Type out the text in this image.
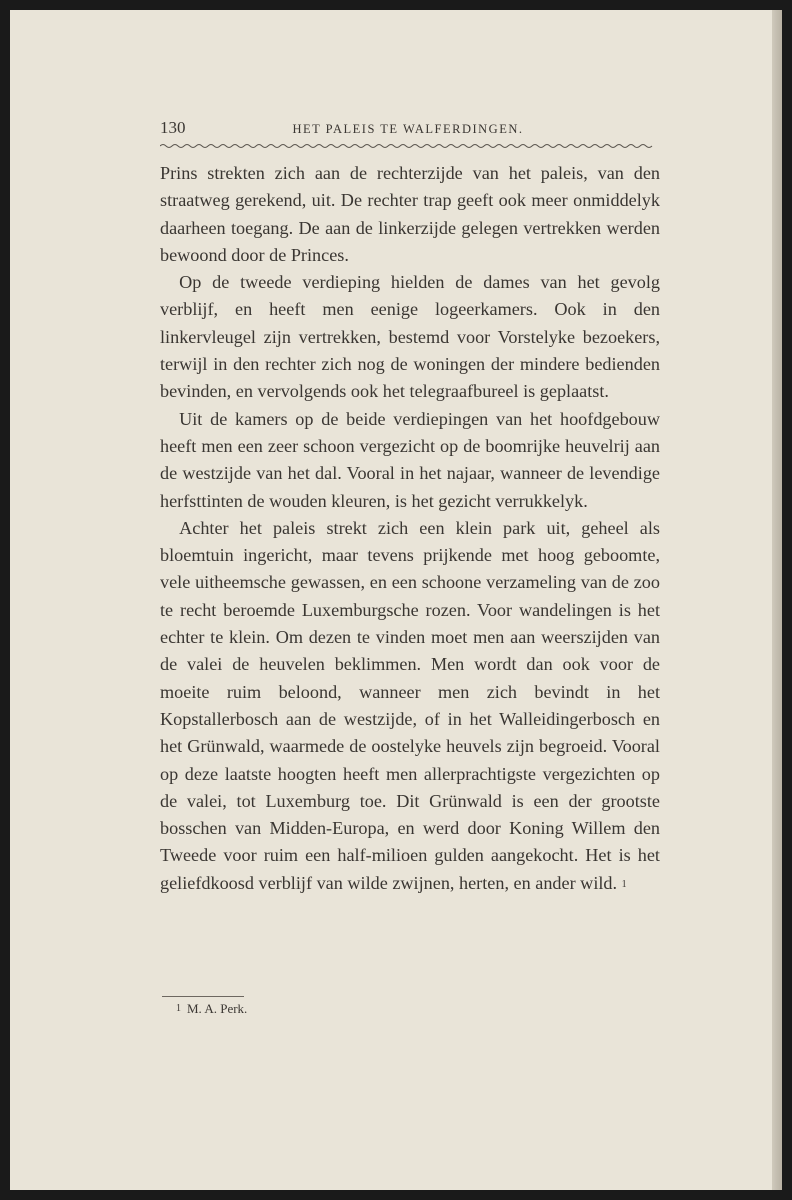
130	HET PALEIS TE WALFERDINGEN.

Prins strekten zich aan de rechterzijde van het paleis, van den straatweg gerekend, uit. De rechter trap geeft ook meer onmiddelyk daarheen toegang. De aan de linkerzijde gelegen vertrekken werden bewoond door de Princes.

Op de tweede verdieping hielden de dames van het gevolg verblijf, en heeft men eenige logeerkamers. Ook in den linkervleugel zijn vertrekken, bestemd voor Vorstelyke bezoekers, terwijl in den rechter zich nog de woningen der mindere bedienden bevinden, en vervolgends ook het telegraafbureel is geplaatst.

Uit de kamers op de beide verdiepingen van het hoofdgebouw heeft men een zeer schoon vergezicht op de boomrijke heuvelrij aan de westzijde van het dal. Vooral in het najaar, wanneer de levendige herfsttinten de wouden kleuren, is het gezicht verrukkelyk.

Achter het paleis strekt zich een klein park uit, geheel als bloemtuin ingericht, maar tevens prijkende met hoog geboomte, vele uitheemsche gewassen, en een schoone verzameling van de zoo te recht beroemde Luxemburgsche rozen. Voor wandelingen is het echter te klein. Om dezen te vinden moet men aan weerszijden van de valei de heuvelen beklimmen. Men wordt dan ook voor de moeite ruim beloond, wanneer men zich bevindt in het Kopstallerbosch aan de westzijde, of in het Walleidingerbosch en het Grünwald, waarmede de oostelyke heuvels zijn begroeid. Vooral op deze laatste hoogten heeft men allerprachtigste vergezichten op de valei, tot Luxemburg toe. Dit Grünwald is een der grootste bosschen van Midden-Europa, en werd door Koning Willem den Tweede voor ruim een half-milioen gulden aangekocht. Het is het geliefdkoosd verblijf van wilde zwijnen, herten, en ander wild. 1

1 M. A. Perk.
